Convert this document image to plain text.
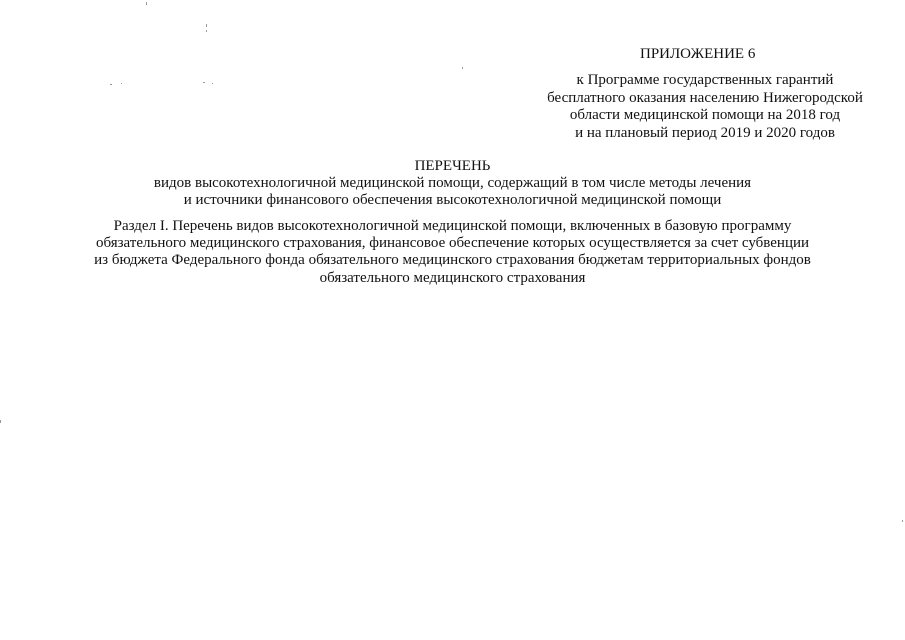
ПРИЛОЖЕНИЕ 6
к Программе государственных гарантий
бесплатного оказания населению Нижегородской
области медицинской помощи на 2018 год
и на плановый период 2019 и 2020 годов
ПЕРЕЧЕНЬ
видов высокотехнологичной медицинской помощи, содержащий в том числе методы лечения
и источники финансового обеспечения высокотехнологичной медицинской помощи
Раздел I. Перечень видов высокотехнологичной медицинской помощи, включенных в базовую программу
обязательного медицинского страхования, финансовое обеспечение которых осуществляется за счет субвенции
из бюджета Федерального фонда обязательного медицинского страхования бюджетам территориальных фондов
обязательного медицинского страхования
